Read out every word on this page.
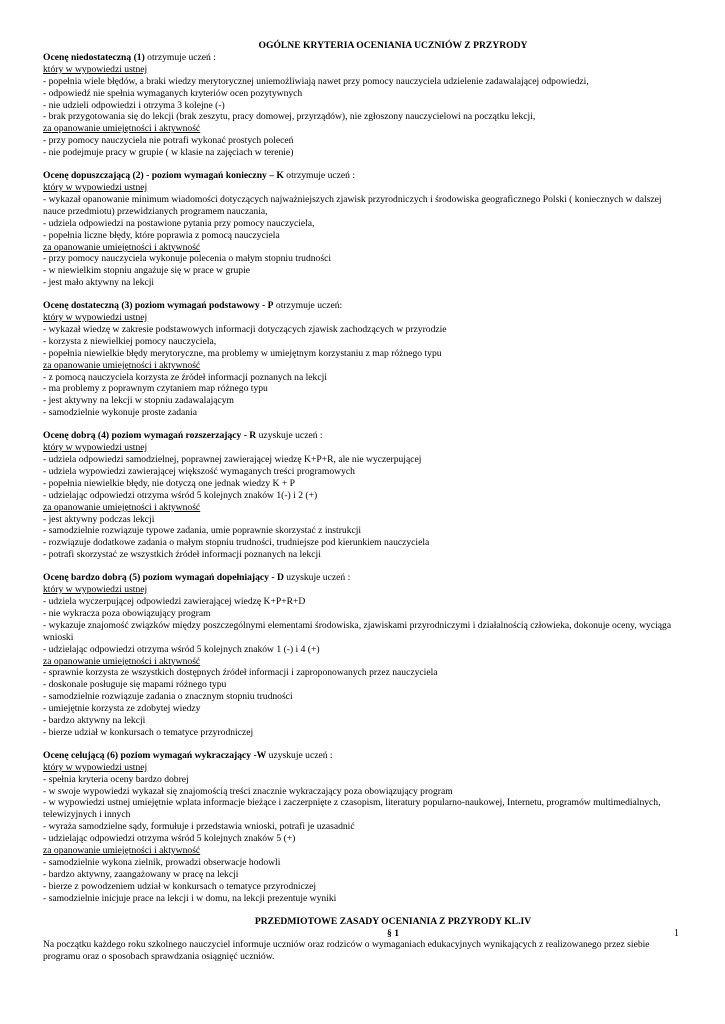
OGÓLNE KRYTERIA OCENIANIA UCZNIÓW Z PRZYRODY
Ocenę niedostateczną (1) otrzymuje uczeń :
który w wypowiedzi ustnej
- popełnia wiele błędów, a braki wiedzy merytorycznej uniemożliwiają nawet przy pomocy nauczyciela udzielenie zadawalającej odpowiedzi,
- odpowiedź nie spełnia wymaganych kryteriów ocen pozytywnych
- nie udzieli odpowiedzi i otrzyma 3 kolejne (-)
- brak przygotowania się do lekcji (brak zeszytu, pracy domowej, przyrządów), nie zgłoszony nauczycielowi na początku lekcji,
za opanowanie umiejętności i aktywność
- przy pomocy nauczyciela nie potrafi wykonać prostych poleceń
- nie podejmuje pracy w grupie ( w klasie na zajęciach w terenie)
Ocenę dopuszczającą (2) - poziom wymagań konieczny – K otrzymuje uczeń :
który w wypowiedzi ustnej
- wykazał opanowanie minimum wiadomości dotyczących najważniejszych zjawisk przyrodniczych i środowiska geograficznego Polski ( koniecznych w dalszej nauce przedmiotu) przewidzianych programem nauczania,
- udziela odpowiedzi na postawione pytania przy pomocy nauczyciela,
- popełnia liczne błędy, które poprawia z pomocą nauczyciela
za opanowanie umiejętności i aktywność
- przy pomocy nauczyciela wykonuje polecenia o małym stopniu trudności
- w niewielkim stopniu angażuje się w prace w grupie
- jest mało aktywny na lekcji
Ocenę dostateczną (3) poziom wymagań podstawowy - P otrzymuje uczeń:
który w wypowiedzi ustnej
- wykazał wiedzę w zakresie podstawowych informacji dotyczących zjawisk zachodzących w przyrodzie
- korzysta z niewielkiej pomocy nauczyciela,
- popełnia niewielkie błędy merytoryczne, ma problemy w umiejętnym korzystaniu z map różnego typu
za opanowanie umiejętności i aktywność
- z pomocą nauczyciela korzysta ze źródeł informacji poznanych na lekcji
- ma problemy z poprawnym czytaniem map różnego typu
- jest aktywny na lekcji w stopniu zadawalającym
- samodzielnie wykonuje proste zadania
Ocenę dobrą (4) poziom wymagań rozszerzający - R uzyskuje uczeń :
który w wypowiedzi ustnej
- udziela odpowiedzi samodzielnej, poprawnej zawierającej wiedzę K+P+R, ale nie wyczerpującej
- udziela wypowiedzi zawierającej większość wymaganych treści programowych
- popełnia niewielkie błędy, nie dotyczą one jednak wiedzy K + P
- udzielając odpowiedzi otrzyma wśród 5 kolejnych znaków 1(-) i 2 (+)
za opanowanie umiejętności i aktywność
- jest aktywny podczas lekcji
- samodzielnie rozwiązuje typowe zadania, umie poprawnie skorzystać z instrukcji
- rozwiązuje dodatkowe zadania o małym stopniu trudności, trudniejsze pod kierunkiem nauczyciela
- potrafi skorzystać ze wszystkich źródeł informacji poznanych na lekcji
Ocenę bardzo dobrą (5) poziom wymagań dopełniający - D uzyskuje uczeń :
który w wypowiedzi ustnej
- udziela wyczerpującej odpowiedzi zawierającej wiedzę K+P+R+D
- nie wykracza poza obowiązujący program
- wykazuje znajomość związków między poszczególnymi elementami środowiska, zjawiskami przyrodniczymi i działalnością człowieka, dokonuje oceny, wyciąga wnioski
- udzielając odpowiedzi otrzyma wśród 5 kolejnych znaków 1 (-) i 4 (+)
za opanowanie umiejętności i aktywność
- sprawnie korzysta ze wszystkich dostępnych źródeł informacji i zaproponowanych przez nauczyciela
- doskonale posługuje się mapami różnego typu
- samodzielnie rozwiązuje zadania o znacznym stopniu trudności
- umiejętnie korzysta ze zdobytej wiedzy
- bardzo aktywny na lekcji
- bierze udział w konkursach o tematyce przyrodniczej
Ocenę celującą (6) poziom wymagań wykraczający -W uzyskuje uczeń :
który w wypowiedzi ustnej
- spełnia kryteria oceny bardzo dobrej
- w swoje wypowiedzi wykazał się znajomością treści znacznie wykraczający poza obowiązujący program
- w wypowiedzi ustnej umiejętnie wplata informacje bieżące i zaczerpnięte z czasopism, literatury popularno-naukowej, Internetu, programów multimedialnych, telewizyjnych i innych
- wyraża samodzielne sądy, formułuje i przedstawia wnioski, potrafi je uzasadnić
- udzielając odpowiedzi otrzyma wśród 5 kolejnych znaków 5 (+)
za opanowanie umiejętności i aktywność
- samodzielnie wykona zielnik, prowadzi obserwacje hodowli
- bardzo aktywny, zaangażowany w pracę na lekcji
- bierze z powodzeniem udział w konkursach o tematyce przyrodniczej
- samodzielnie inicjuje prace na lekcji i w domu, na lekcji prezentuje wyniki
PRZEDMIOTOWE ZASADY OCENIANIA Z PRZYRODY KL.IV
§ 1
Na początku każdego roku szkolnego nauczyciel informuje uczniów oraz rodziców o wymaganiach edukacyjnych wynikających z realizowanego przez siebie programu oraz o sposobach sprawdzania osiągnięć uczniów.
1
